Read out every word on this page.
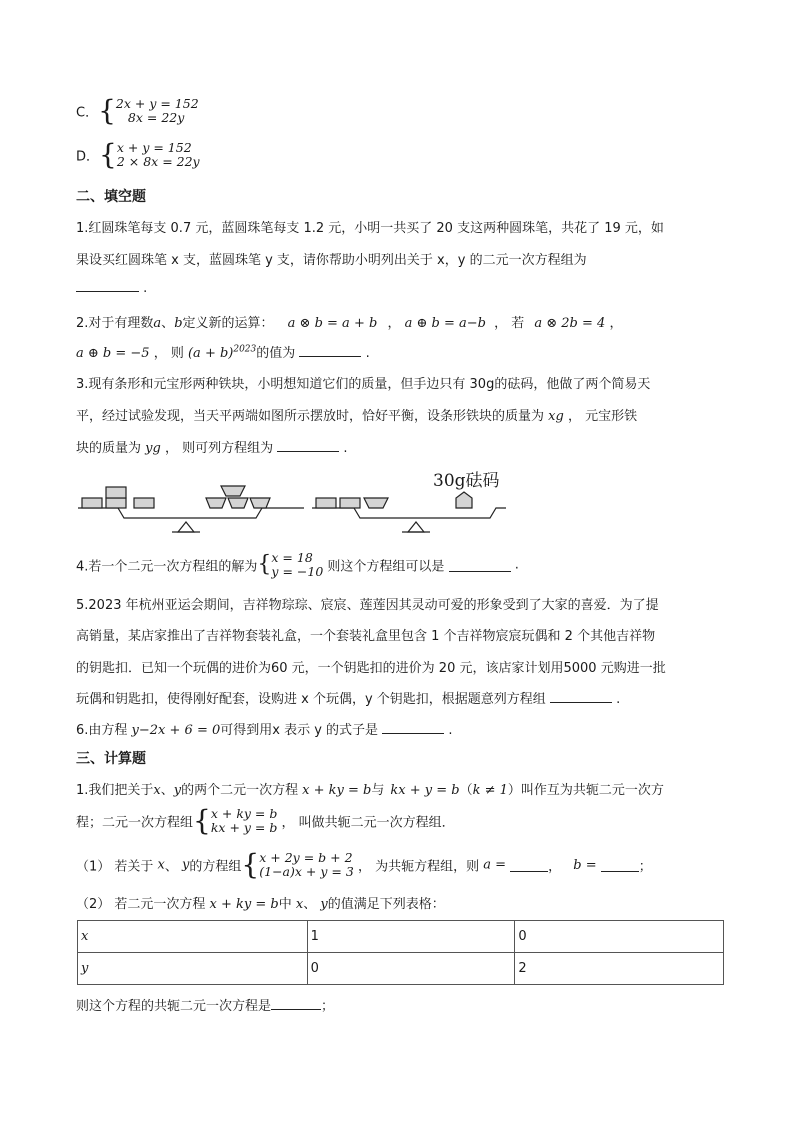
C．{2x + y = 152
8x = 22y
D．{x + y = 152
2 × 8x = 22y
二、填空题
1.红圆珠笔每支 0.7 元，蓝圆珠笔每支 1.2 元，小明一共买了 20 支这两种圆珠笔，共花了 19 元，如
果设买红圆珠笔 x 支，蓝圆珠笔 y 支，请你帮助小明列出关于 x，y 的二元一次方程组为
.
2.对于有理数a、b定义新的运算： a ⊗ b = a + b ， a ⊕ b = a−b ， 若 a ⊗ 2b = 4 ，
a ⊕ b = −5 ， 则 $(a + b)^{2023}$的值为	.
3.现有条形和元宝形两种铁块，小明想知道它们的质量，但手边只有 30g的砝码，他做了两个简易天
平，经过试验发现，当天平两端如图所示摆放时，恰好平衡，设条形铁块的质量为 xg ， 元宝形铁
块的质量为 yg ， 则可列方程组为	.
30g砝码
4.若一个二元一次方程组的解为{x = 18
y = −10 则这个方程组可以是	.
5.2023 年杭州亚运会期间，吉祥物琮琮、宸宸、莲莲因其灵动可爱的形象受到了大家的喜爱．为了提
高销量，某店家推出了吉祥物套装礼盒，一个套装礼盒里包含 1 个吉祥物宸宸玩偶和 2 个其他吉祥物
的钥匙扣．已知一个玩偶的进价为60 元，一个钥匙扣的进价为 20 元，该店家计划用5000 元购进一批
玩偶和钥匙扣，使得刚好配套，设购进 x 个玩偶，y 个钥匙扣，根据题意列方程组	.
6.由方程 y−2x + 6 = 0可得到用x 表示 y 的式子是	.
三、计算题
1.我们把关于x、y的两个二元一次方程 x + ky = b与 kx + y = b（k ≠ 1）叫作互为共轭二元一次方
程；二元一次方程组{x + ky = b
kx + y = b ， 叫做共轭二元一次方程组．
（1） 若关于 x、 y的方程组{x + 2y = b + 2
(1−a)x + y = 3 ， 为共轭方程组，则 a =	， b =	；
（2） 若二元一次方程 x + ky = b中 x、 y的值满足下列表格：
x	1	0
y	0	2
则这个方程的共轭二元一次方程是	；
